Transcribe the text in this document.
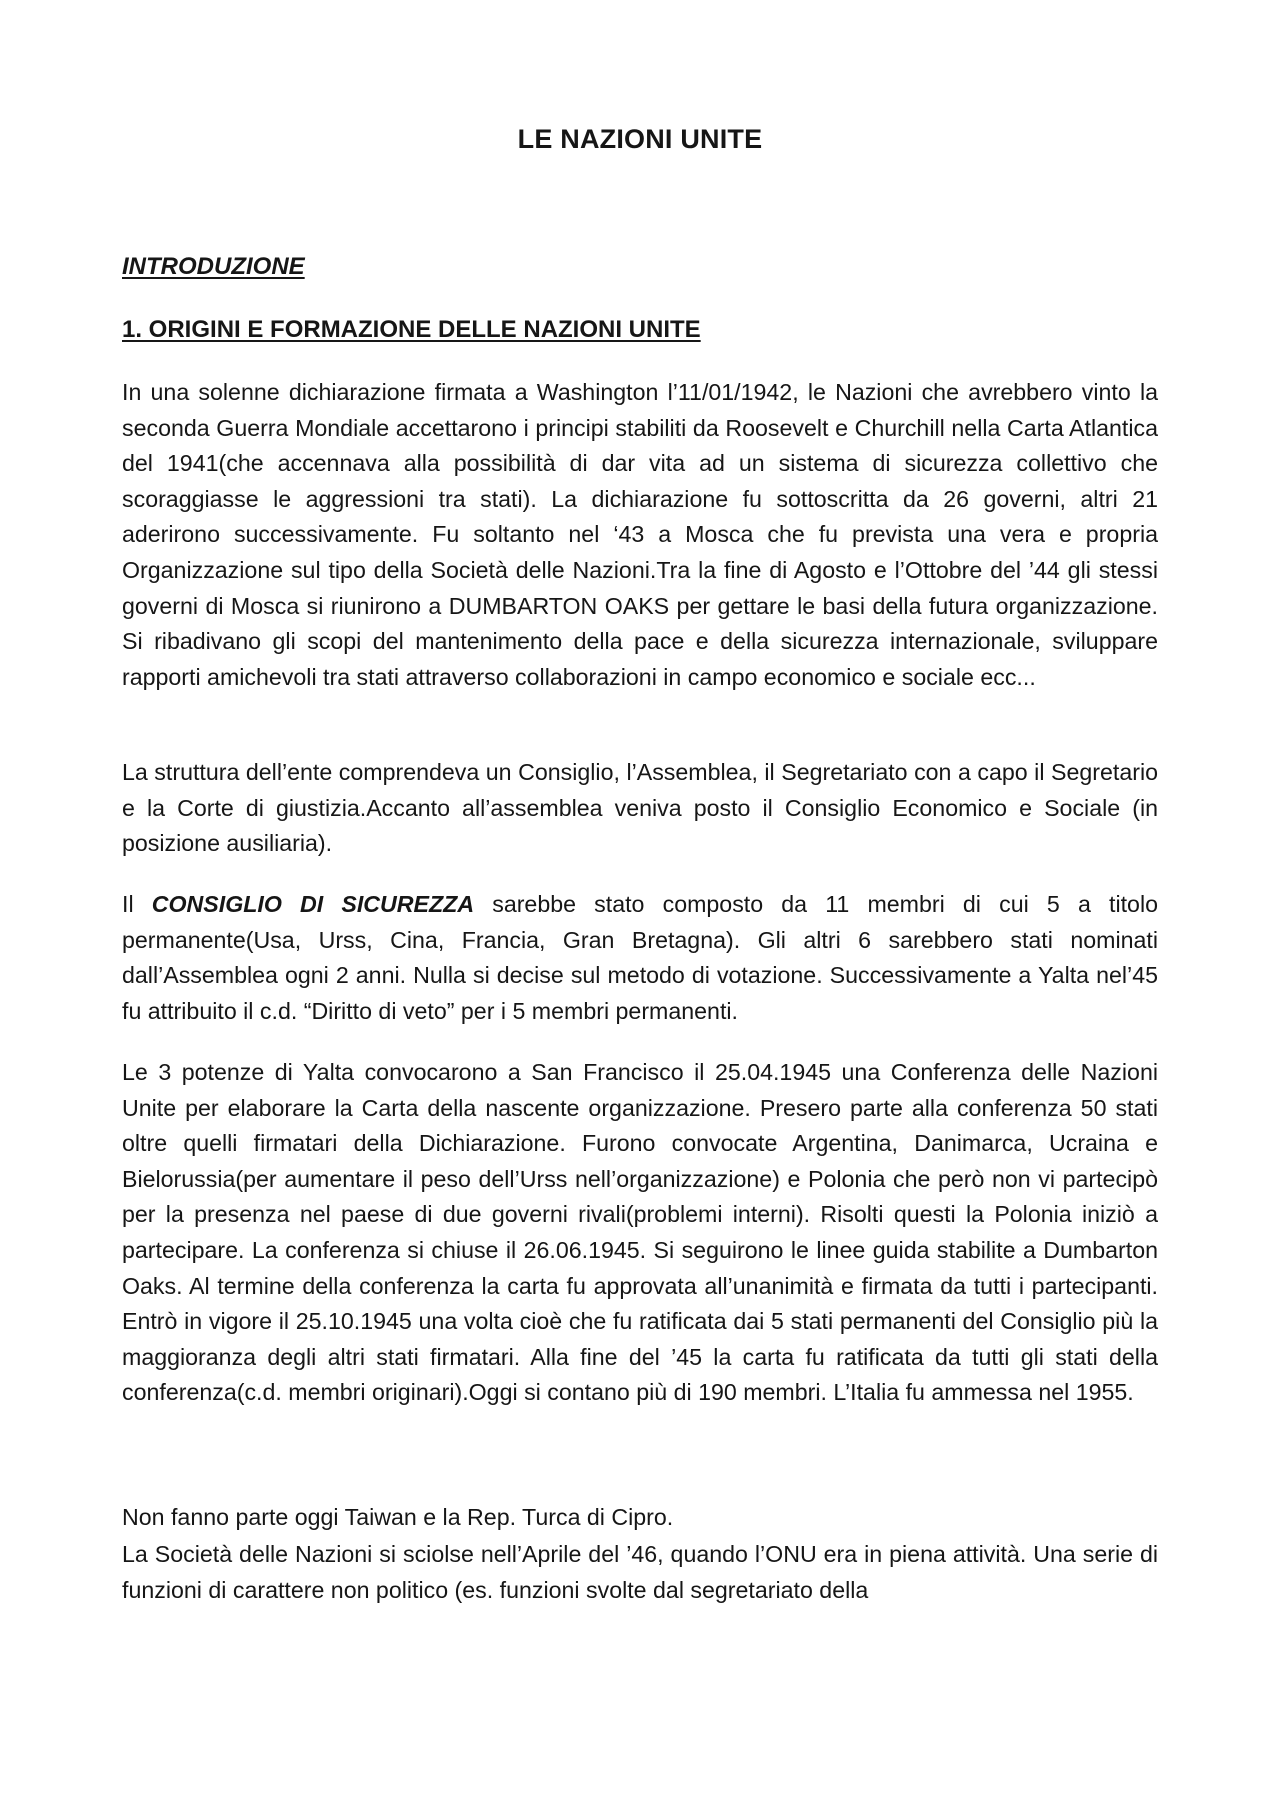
LE NAZIONI UNITE
INTRODUZIONE
1. ORIGINI E FORMAZIONE DELLE NAZIONI UNITE

In una solenne dichiarazione firmata a Washington l’11/01/1942, le Nazioni che avrebbero vinto la seconda Guerra Mondiale accettarono i principi stabiliti da Roosevelt e Churchill nella Carta Atlantica del 1941(che accennava alla possibilità di dar vita ad un sistema di sicurezza collettivo che scoraggiasse le aggressioni tra stati). La dichiarazione fu sottoscritta da 26 governi, altri 21 aderirono successivamente. Fu soltanto nel ‘43 a Mosca che fu prevista una vera e propria Organizzazione sul tipo della Società delle Nazioni.Tra la fine di Agosto e l’Ottobre del ’44 gli stessi governi di Mosca si riunirono a DUMBARTON OAKS per gettare le basi della futura organizzazione. Si ribadivano gli scopi del mantenimento della pace e della sicurezza internazionale, sviluppare rapporti amichevoli tra stati attraverso collaborazioni in campo economico e sociale ecc...

La struttura dell’ente comprendeva un Consiglio, l’Assemblea, il Segretariato con a capo il Segretario e la Corte di giustizia.Accanto all’assemblea veniva posto il Consiglio Economico e Sociale (in posizione ausiliaria).

Il CONSIGLIO DI SICUREZZA sarebbe stato composto da 11 membri di cui 5 a titolo permanente(Usa, Urss, Cina, Francia, Gran Bretagna). Gli altri 6 sarebbero stati nominati dall’Assemblea ogni 2 anni. Nulla si decise sul metodo di votazione. Successivamente a Yalta nel’45 fu attribuito il c.d. “Diritto di veto” per i 5 membri permanenti.

Le 3 potenze di Yalta convocarono a San Francisco il 25.04.1945 una Conferenza delle Nazioni Unite per elaborare la Carta della nascente organizzazione. Presero parte alla conferenza 50 stati oltre quelli firmatari della Dichiarazione. Furono convocate Argentina, Danimarca, Ucraina e Bielorussia(per aumentare il peso dell’Urss nell’organizzazione) e Polonia che però non vi partecipò per la presenza nel paese di due governi rivali(problemi interni). Risolti questi la Polonia iniziò a partecipare. La conferenza si chiuse il 26.06.1945. Si seguirono le linee guida stabilite a Dumbarton Oaks. Al termine della conferenza la carta fu approvata all’unanimità e firmata da tutti i partecipanti. Entrò in vigore il 25.10.1945 una volta cioè che fu ratificata dai 5 stati permanenti del Consiglio più la maggioranza degli altri stati firmatari. Alla fine del ’45 la carta fu ratificata da tutti gli stati della conferenza(c.d. membri originari).Oggi si contano più di 190 membri. L’Italia fu ammessa nel 1955.

Non fanno parte oggi Taiwan e la Rep. Turca di Cipro.

La Società delle Nazioni si sciolse nell’Aprile del ’46, quando l’ONU era in piena attività. Una serie di funzioni di carattere non politico (es. funzioni svolte dal segretariato della
